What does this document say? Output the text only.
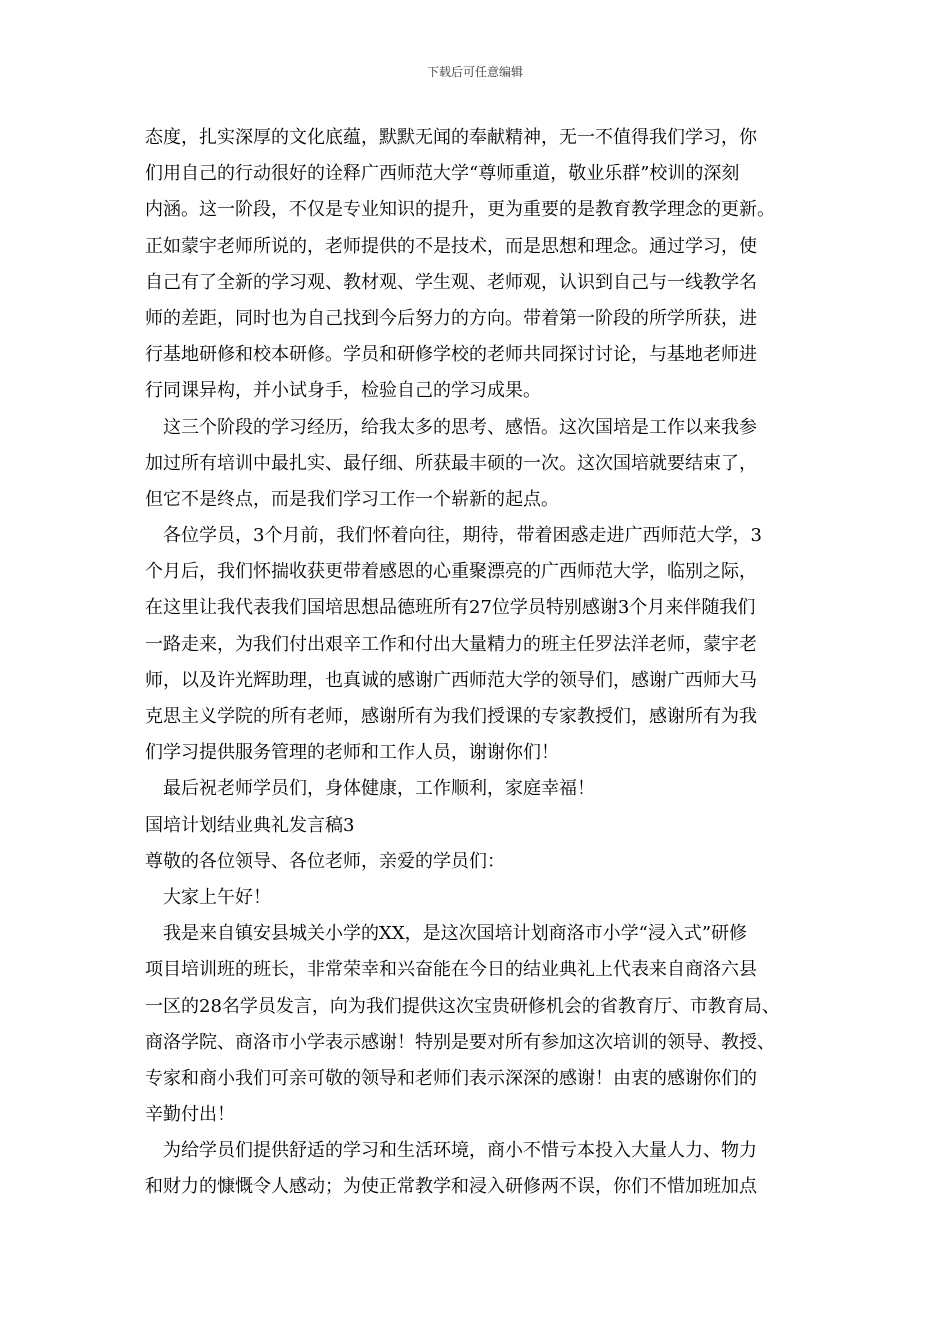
下载后可任意编辑
态度，扎实深厚的文化底蕴，默默无闻的奉献精神，无一不值得我们学习，你
们用自己的行动很好的诠释广西师范大学“尊师重道，敬业乐群”校训的深刻
内涵。这一阶段，不仅是专业知识的提升，更为重要的是教育教学理念的更新。
正如蒙宇老师所说的，老师提供的不是技术，而是思想和理念。通过学习，使
自己有了全新的学习观、教材观、学生观、老师观，认识到自己与一线教学名
师的差距，同时也为自己找到今后努力的方向。带着第一阶段的所学所获，进
行基地研修和校本研修。学员和研修学校的老师共同探讨讨论，与基地老师进
行同课异构，并小试身手，检验自己的学习成果。
　这三个阶段的学习经历，给我太多的思考、感悟。这次国培是工作以来我参
加过所有培训中最扎实、最仔细、所获最丰硕的一次。这次国培就要结束了，
但它不是终点，而是我们学习工作一个崭新的起点。
　各位学员，3个月前，我们怀着向往，期待，带着困惑走进广西师范大学，3
个月后，我们怀揣收获更带着感恩的心重聚漂亮的广西师范大学，临别之际，
在这里让我代表我们国培思想品德班所有27位学员特别感谢3个月来伴随我们
一路走来，为我们付出艰辛工作和付出大量精力的班主任罗法洋老师，蒙宇老
师，以及许光辉助理，也真诚的感谢广西师范大学的领导们，感谢广西师大马
克思主义学院的所有老师，感谢所有为我们授课的专家教授们，感谢所有为我
们学习提供服务管理的老师和工作人员，谢谢你们！
　最后祝老师学员们，身体健康，工作顺利，家庭幸福！
国培计划结业典礼发言稿3
尊敬的各位领导、各位老师，亲爱的学员们：
　大家上午好！
　我是来自镇安县城关小学的XX，是这次国培计划商洛市小学“浸入式”研修
项目培训班的班长，非常荣幸和兴奋能在今日的结业典礼上代表来自商洛六县
一区的28名学员发言，向为我们提供这次宝贵研修机会的省教育厅、市教育局、
商洛学院、商洛市小学表示感谢！特别是要对所有参加这次培训的领导、教授、
专家和商小我们可亲可敬的领导和老师们表示深深的感谢！由衷的感谢你们的
辛勤付出！
　为给学员们提供舒适的学习和生活环境，商小不惜亏本投入大量人力、物力
和财力的慷慨令人感动；为使正常教学和浸入研修两不误，你们不惜加班加点
